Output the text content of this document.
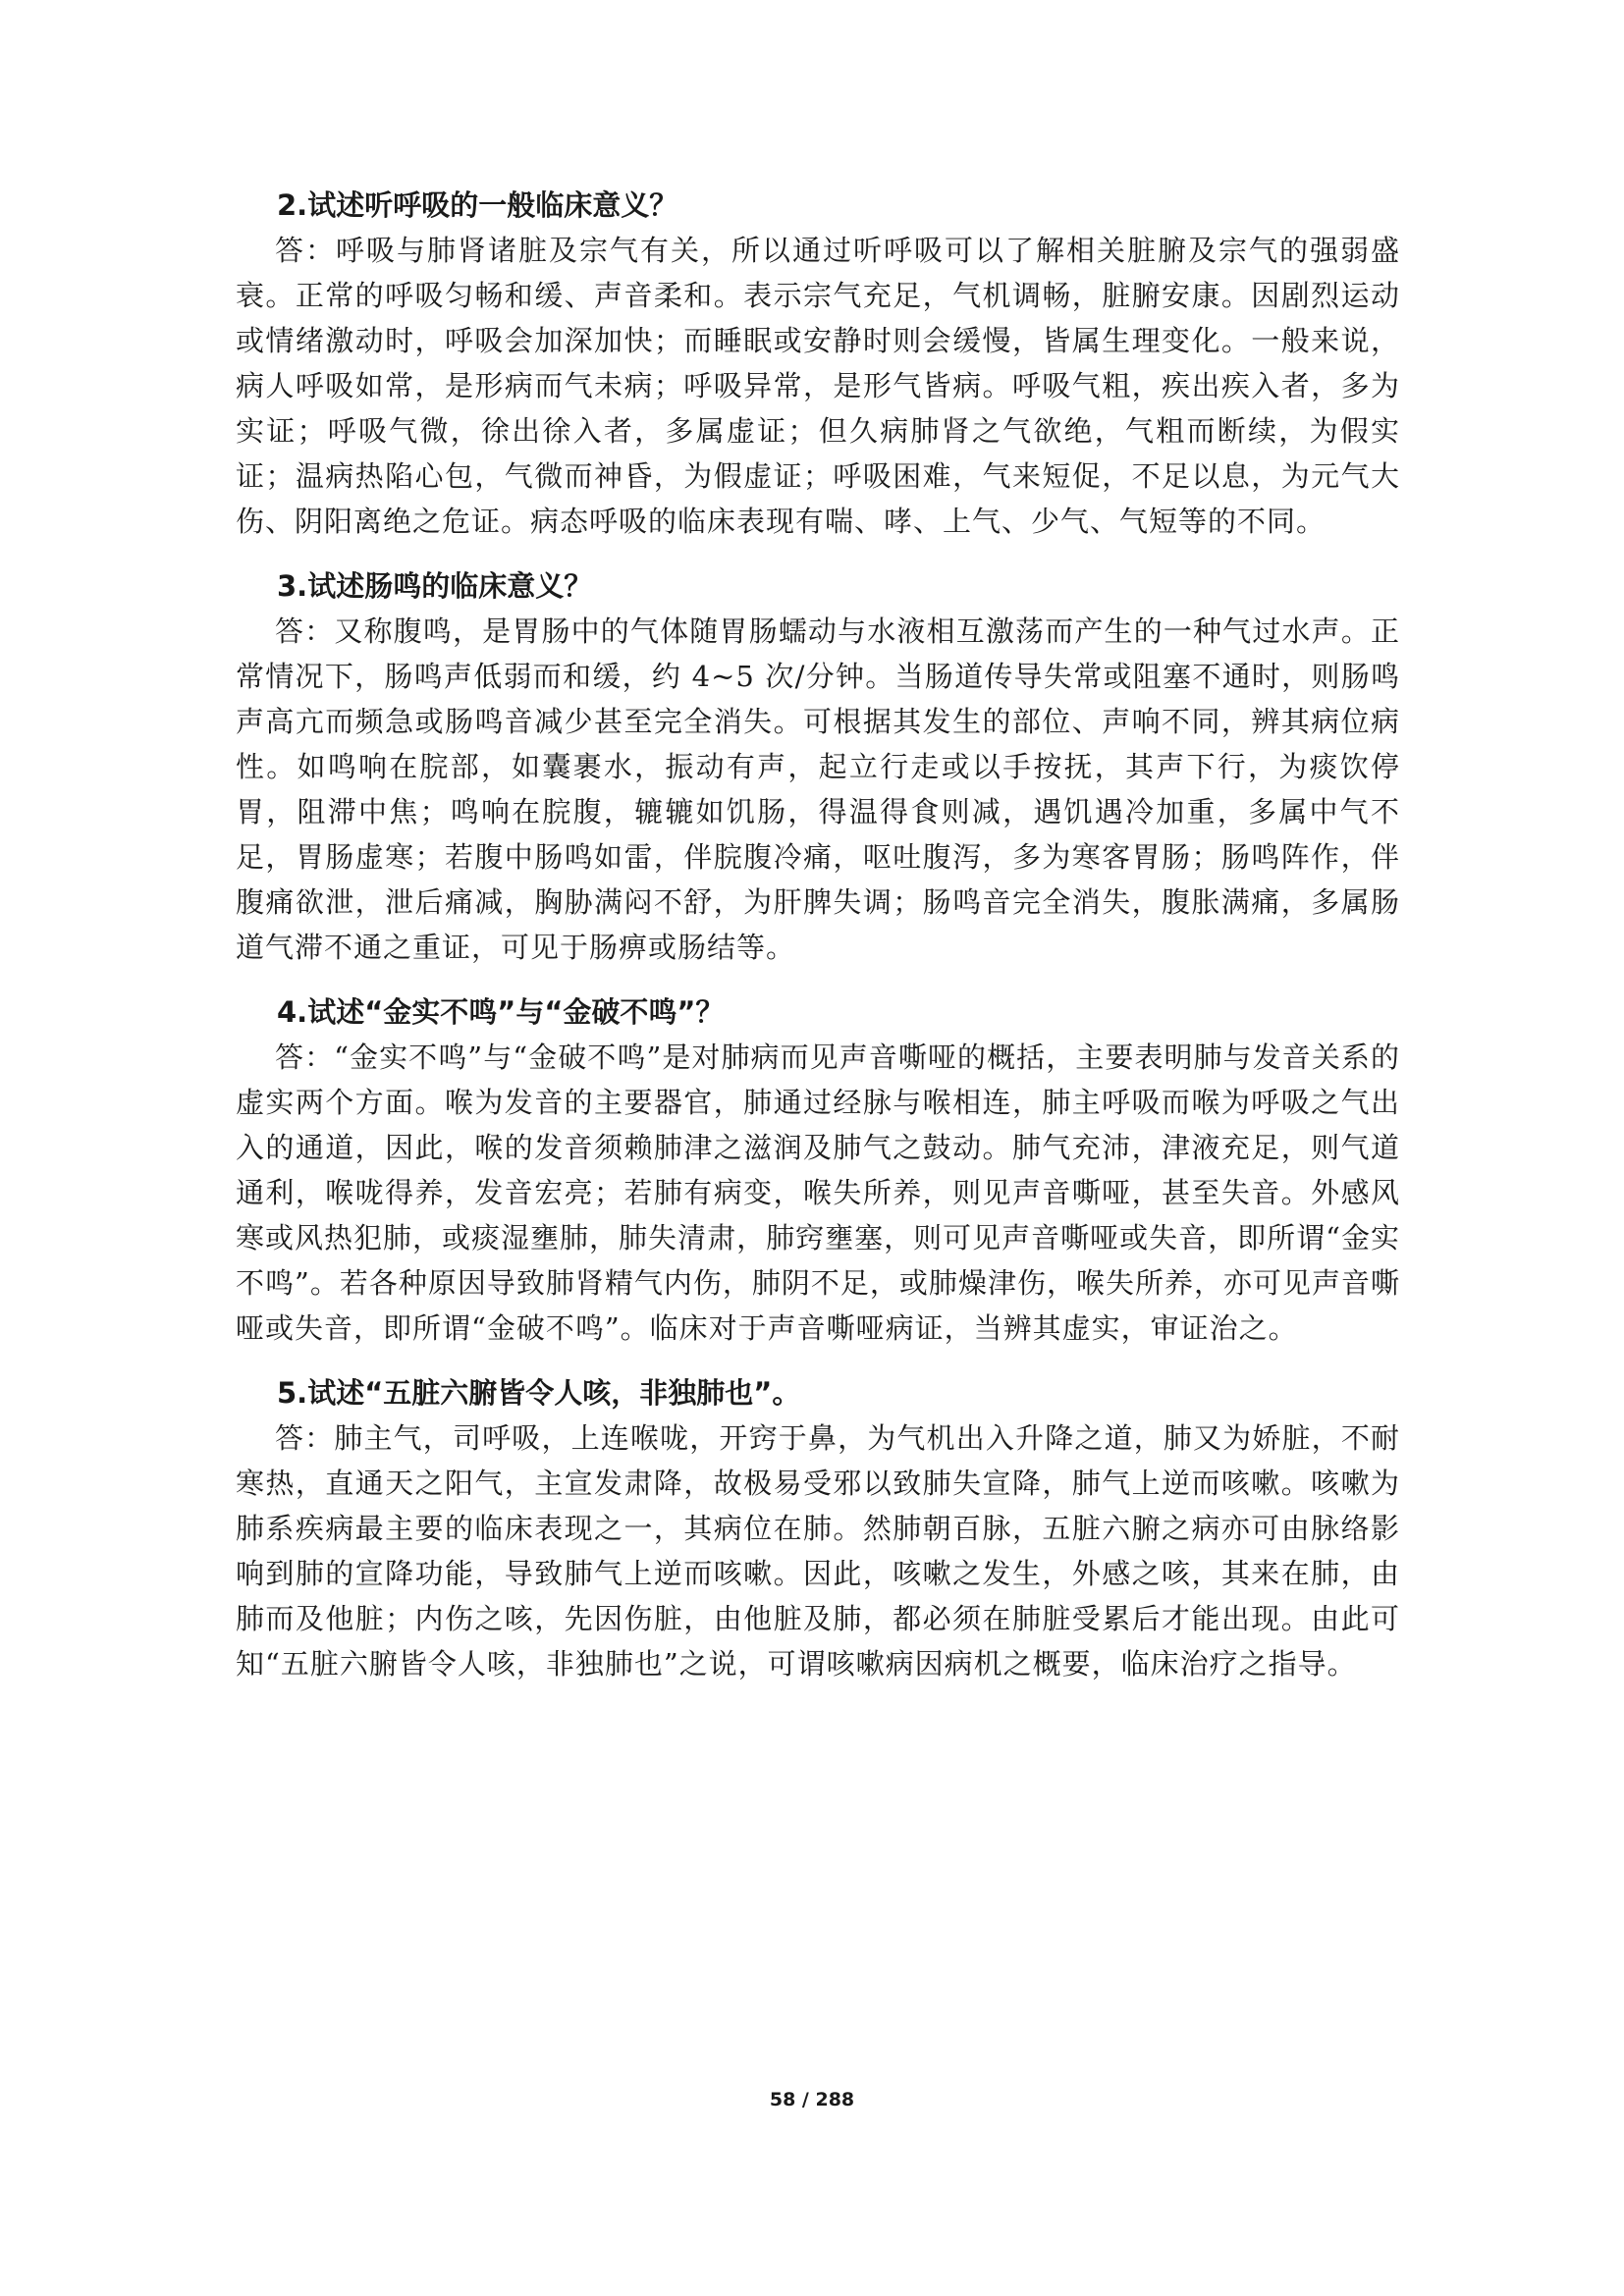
2.试述听呼吸的一般临床意义？

答：呼吸与肺肾诸脏及宗气有关，所以通过听呼吸可以了解相关脏腑及宗气的强弱盛衰。正常的呼吸匀畅和缓、声音柔和。表示宗气充足，气机调畅，脏腑安康。因剧烈运动或情绪激动时，呼吸会加深加快；而睡眠或安静时则会缓慢，皆属生理变化。一般来说，病人呼吸如常，是形病而气未病；呼吸异常，是形气皆病。呼吸气粗，疾出疾入者，多为实证；呼吸气微，徐出徐入者，多属虚证；但久病肺肾之气欲绝，气粗而断续，为假实证；温病热陷心包，气微而神昏，为假虚证；呼吸困难，气来短促，不足以息，为元气大伤、阴阳离绝之危证。病态呼吸的临床表现有喘、哮、上气、少气、气短等的不同。

3.试述肠鸣的临床意义？

答：又称腹鸣，是胃肠中的气体随胃肠蠕动与水液相互激荡而产生的一种气过水声。正常情况下，肠鸣声低弱而和缓，约 4~5 次/分钟。当肠道传导失常或阻塞不通时，则肠鸣声高亢而频急或肠鸣音减少甚至完全消失。可根据其发生的部位、声响不同，辨其病位病性。如鸣响在脘部，如囊裹水，振动有声，起立行走或以手按抚，其声下行，为痰饮停胃，阻滞中焦；鸣响在脘腹，辘辘如饥肠，得温得食则减，遇饥遇冷加重，多属中气不足，胃肠虚寒；若腹中肠鸣如雷，伴脘腹冷痛，呕吐腹泻，多为寒客胃肠；肠鸣阵作，伴腹痛欲泄，泄后痛减，胸胁满闷不舒，为肝脾失调；肠鸣音完全消失，腹胀满痛，多属肠道气滞不通之重证，可见于肠痹或肠结等。

4.试述“金实不鸣”与“金破不鸣”？

答：“金实不鸣”与“金破不鸣”是对肺病而见声音嘶哑的概括，主要表明肺与发音关系的虚实两个方面。喉为发音的主要器官，肺通过经脉与喉相连，肺主呼吸而喉为呼吸之气出入的通道，因此，喉的发音须赖肺津之滋润及肺气之鼓动。肺气充沛，津液充足，则气道通利，喉咙得养，发音宏亮；若肺有病变，喉失所养，则见声音嘶哑，甚至失音。外感风寒或风热犯肺，或痰湿壅肺，肺失清肃，肺窍壅塞，则可见声音嘶哑或失音，即所谓“金实不鸣”。若各种原因导致肺肾精气内伤，肺阴不足，或肺燥津伤，喉失所养，亦可见声音嘶哑或失音，即所谓“金破不鸣”。临床对于声音嘶哑病证，当辨其虚实，审证治之。

5.试述“五脏六腑皆令人咳，非独肺也”。

答：肺主气，司呼吸，上连喉咙，开窍于鼻，为气机出入升降之道，肺又为娇脏，不耐寒热，直通天之阳气，主宣发肃降，故极易受邪以致肺失宣降，肺气上逆而咳嗽。咳嗽为肺系疾病最主要的临床表现之一，其病位在肺。然肺朝百脉，五脏六腑之病亦可由脉络影响到肺的宣降功能，导致肺气上逆而咳嗽。因此，咳嗽之发生，外感之咳，其来在肺，由肺而及他脏；内伤之咳，先因伤脏，由他脏及肺，都必须在肺脏受累后才能出现。由此可知“五脏六腑皆令人咳，非独肺也”之说，可谓咳嗽病因病机之概要，临床治疗之指导。

58 / 288
